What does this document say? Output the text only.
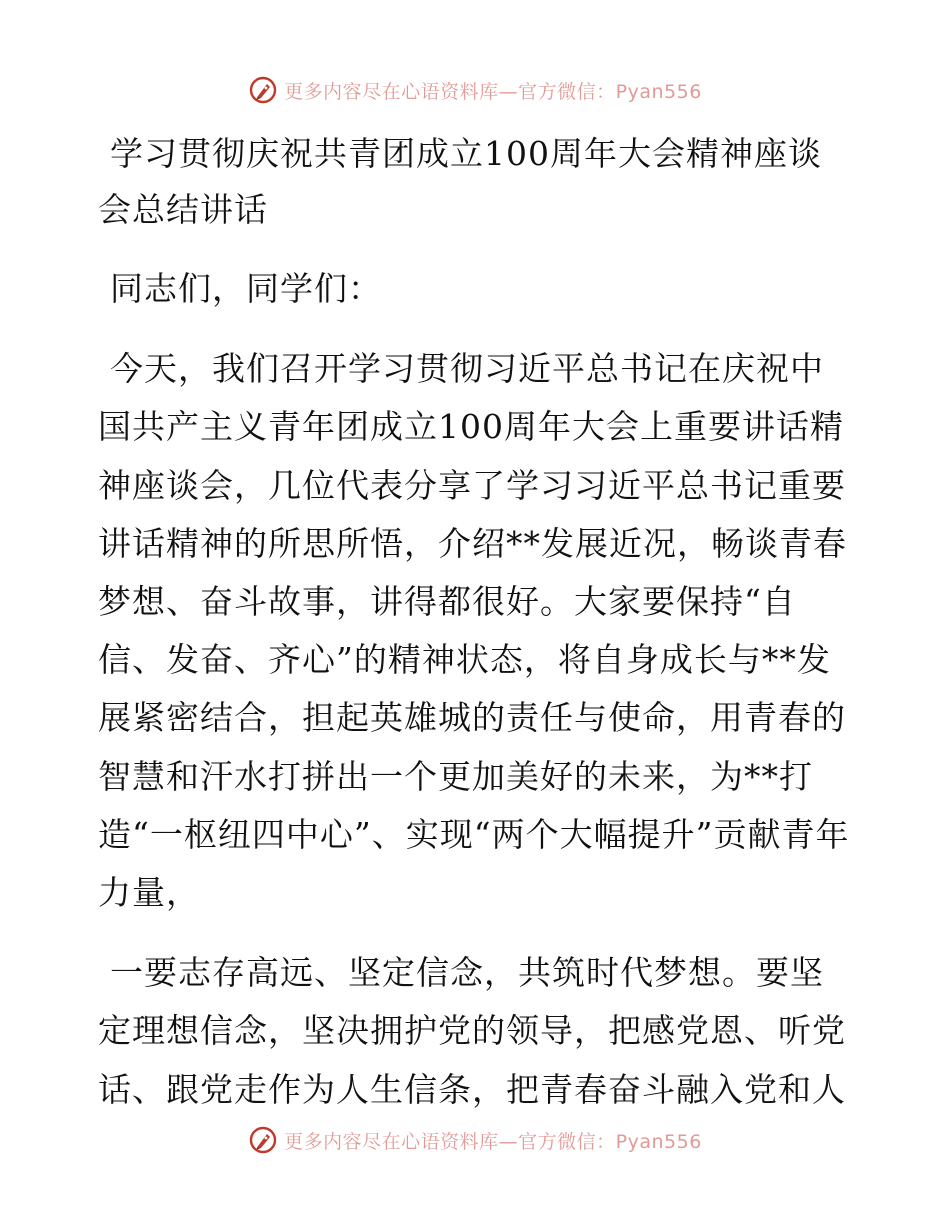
更多内容尽在心语资料库—官方微信：Pyan556
学习贯彻庆祝共青团成立100周年大会精神座谈会总结讲话

同志们，同学们：

今天，我们召开学习贯彻习近平总书记在庆祝中国共产主义青年团成立100周年大会上重要讲话精神座谈会，几位代表分享了学习习近平总书记重要讲话精神的所思所悟，介绍**发展近况，畅谈青春梦想、奋斗故事，讲得都很好。大家要保持“自信、发奋、齐心”的精神状态，将自身成长与**发展紧密结合，担起英雄城的责任与使命，用青春的智慧和汗水打拼出一个更加美好的未来，为**打造“一枢纽四中心”、实现“两个大幅提升”贡献青年力量，

一要志存高远、坚定信念，共筑时代梦想。要坚定理想信念，坚决拥护党的领导，把感党恩、听党话、跟党走作为人生信条，把青春奋斗融入党和人

更多内容尽在心语资料库—官方微信：Pyan556
